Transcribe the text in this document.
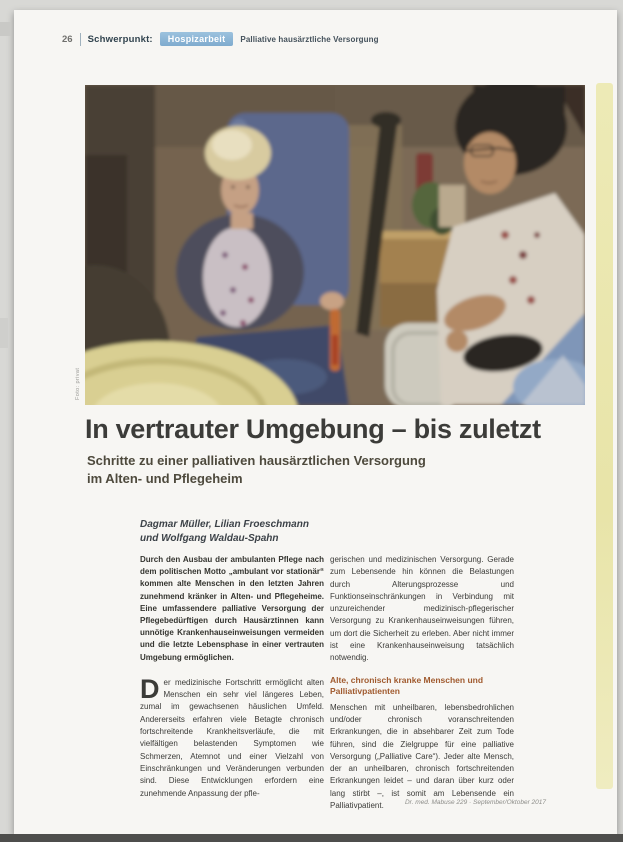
26 Schwerpunkt:	Hospizarbeit	Palliative hausärztliche Versorgung
Foto: privat
In vertrauter Umgebung – bis zuletzt
Schritte zu einer palliativen hausärztlichen Versorgung
im Alten- und Pflegeheim
Dagmar Müller, Lilian Froeschmann
und Wolfgang Waldau-Spahn

Durch den Ausbau der ambulanten Pflege nach dem politischen Motto „ambulant vor stationär“ kommen alte Menschen in den letzten Jahren zunehmend kränker in Alten- und Pflegeheime. Eine umfassendere palliative Versorgung der Pflegebedürftigen durch Hausärztinnen kann unnötige Krankenhauseinweisungen vermeiden und die letzte Lebensphase in einer vertrauten Umgebung ermöglichen.

Der medizinische Fortschritt ermöglicht alten Menschen ein sehr viel längeres Leben, zumal im gewachsenen häuslichen Umfeld. Andererseits erfahren viele Betagte chronisch fortschreitende Krankheitsverläufe, die mit vielfältigen belastenden Symptomen wie Schmerzen, Atemnot und einer Vielzahl von Einschränkungen und Veränderungen verbunden sind. Diese Entwicklungen erfordern eine zunehmende Anpassung der pfle-

gerischen und medizinischen Versorgung. Gerade zum Lebensende hin können die Belastungen durch Alterungsprozesse und Funktionseinschränkungen in Verbindung mit unzureichender medizinisch-pflegerischer Versorgung zu Krankenhauseinweisungen führen, um dort die Sicherheit zu erleben. Aber nicht immer ist eine Krankenhauseinweisung tatsächlich notwendig.

Alte, chronisch kranke Menschen und Palliativpatienten

Menschen mit unheilbaren, lebensbedrohlichen und/oder chronisch voranschreitenden Erkrankungen, die in absehbarer Zeit zum Tode führen, sind die Zielgruppe für eine palliative Versorgung („Palliative Care“). Jeder alte Mensch, der an unheilbaren, chronisch fortschreitenden Erkrankungen leidet – und daran über kurz oder lang stirbt –, ist somit am Lebensende ein Palliativpatient.	Dr. med. Mabuse 229 · September/Oktober 2017
